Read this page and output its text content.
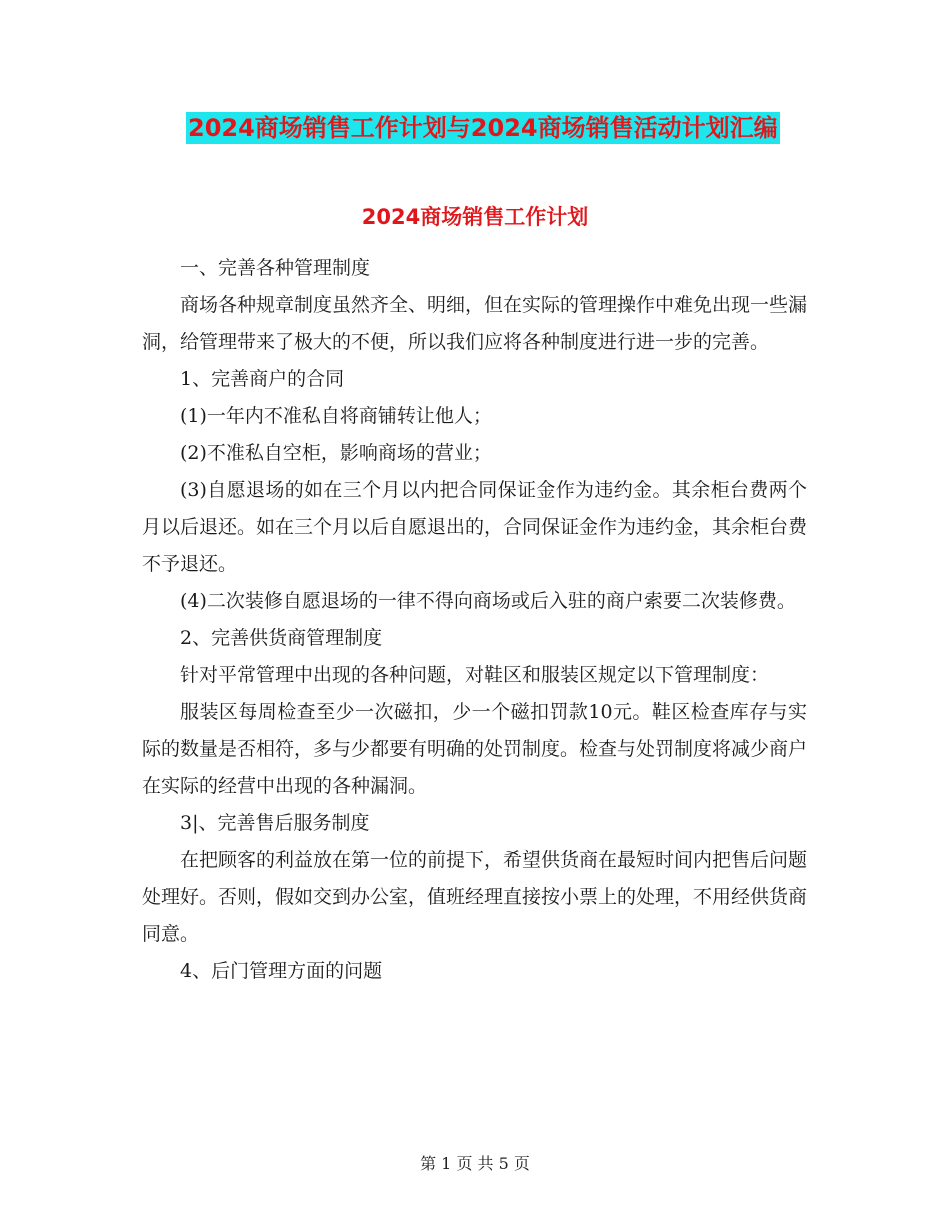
2024商场销售工作计划与2024商场销售活动计划汇编
2024商场销售工作计划

一、完善各种管理制度

商场各种规章制度虽然齐全、明细，但在实际的管理操作中难免出现一些漏洞，给管理带来了极大的不便，所以我们应将各种制度进行进一步的完善。

1、完善商户的合同

(1)一年内不准私自将商铺转让他人；

(2)不准私自空柜，影响商场的营业；

(3)自愿退场的如在三个月以内把合同保证金作为违约金。其余柜台费两个月以后退还。如在三个月以后自愿退出的，合同保证金作为违约金，其余柜台费不予退还。

(4)二次装修自愿退场的一律不得向商场或后入驻的商户索要二次装修费。

2、完善供货商管理制度

针对平常管理中出现的各种问题，对鞋区和服装区规定以下管理制度：

服装区每周检查至少一次磁扣，少一个磁扣罚款10元。鞋区检查库存与实际的数量是否相符，多与少都要有明确的处罚制度。检查与处罚制度将减少商户在实际的经营中出现的各种漏洞。

3|、完善售后服务制度

在把顾客的利益放在第一位的前提下，希望供货商在最短时间内把售后问题处理好。否则，假如交到办公室，值班经理直接按小票上的处理，不用经供货商同意。

4、后门管理方面的问题

第 1 页 共 5 页
